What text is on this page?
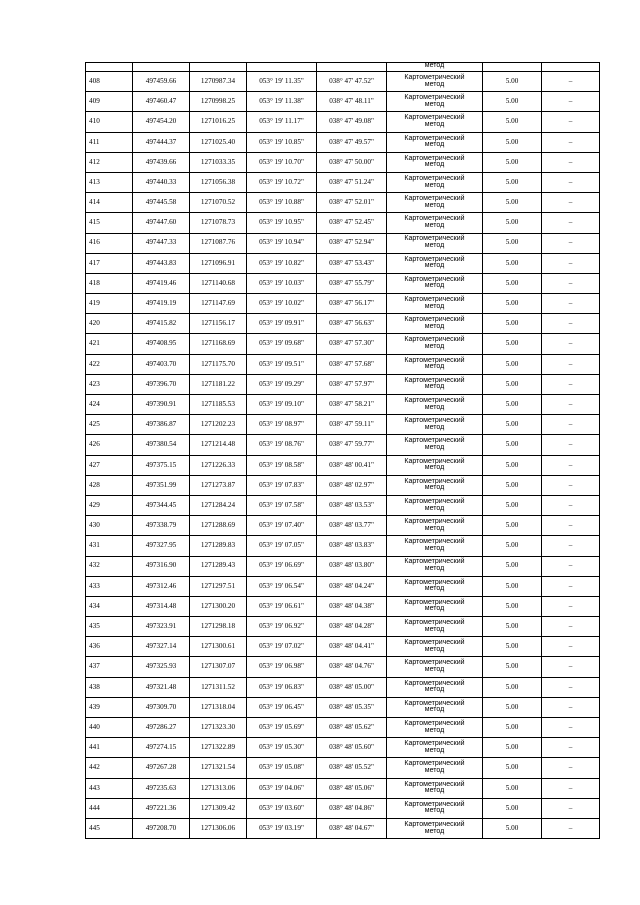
					метод		
408	497459.66	1270987.34	053° 19' 11.35"	038° 47' 47.52"	Картометрический
метод	5.00	–
409	497460.47	1270998.25	053° 19' 11.38"	038° 47' 48.11"	Картометрический
метод	5.00	–
410	497454.20	1271016.25	053° 19' 11.17"	038° 47' 49.08"	Картометрический
метод	5.00	–
411	497444.37	1271025.40	053° 19' 10.85"	038° 47' 49.57"	Картометрический
метод	5.00	–
412	497439.66	1271033.35	053° 19' 10.70"	038° 47' 50.00"	Картометрический
метод	5.00	–
413	497440.33	1271056.38	053° 19' 10.72"	038° 47' 51.24"	Картометрический
метод	5.00	–
414	497445.58	1271070.52	053° 19' 10.88"	038° 47' 52.01"	Картометрический
метод	5.00	–
415	497447.60	1271078.73	053° 19' 10.95"	038° 47' 52.45"	Картометрический
метод	5.00	–
416	497447.33	1271087.76	053° 19' 10.94"	038° 47' 52.94"	Картометрический
метод	5.00	–
417	497443.83	1271096.91	053° 19' 10.82"	038° 47' 53.43"	Картометрический
метод	5.00	–
418	497419.46	1271140.68	053° 19' 10.03"	038° 47' 55.79"	Картометрический
метод	5.00	–
419	497419.19	1271147.69	053° 19' 10.02"	038° 47' 56.17"	Картометрический
метод	5.00	–
420	497415.82	1271156.17	053° 19' 09.91"	038° 47' 56.63"	Картометрический
метод	5.00	–
421	497408.95	1271168.69	053° 19' 09.68"	038° 47' 57.30"	Картометрический
метод	5.00	–
422	497403.70	1271175.70	053° 19' 09.51"	038° 47' 57.68"	Картометрический
метод	5.00	–
423	497396.70	1271181.22	053° 19' 09.29"	038° 47' 57.97"	Картометрический
метод	5.00	–
424	497390.91	1271185.53	053° 19' 09.10"	038° 47' 58.21"	Картометрический
метод	5.00	–
425	497386.87	1271202.23	053° 19' 08.97"	038° 47' 59.11"	Картометрический
метод	5.00	–
426	497380.54	1271214.48	053° 19' 08.76"	038° 47' 59.77"	Картометрический
метод	5.00	–
427	497375.15	1271226.33	053° 19' 08.58"	038° 48' 00.41"	Картометрический
метод	5.00	–
428	497351.99	1271273.87	053° 19' 07.83"	038° 48' 02.97"	Картометрический
метод	5.00	–
429	497344.45	1271284.24	053° 19' 07.58"	038° 48' 03.53"	Картометрический
метод	5.00	–
430	497338.79	1271288.69	053° 19' 07.40"	038° 48' 03.77"	Картометрический
метод	5.00	–
431	497327.95	1271289.83	053° 19' 07.05"	038° 48' 03.83"	Картометрический
метод	5.00	–
432	497316.90	1271289.43	053° 19' 06.69"	038° 48' 03.80"	Картометрический
метод	5.00	–
433	497312.46	1271297.51	053° 19' 06.54"	038° 48' 04.24"	Картометрический
метод	5.00	–
434	497314.48	1271300.20	053° 19' 06.61"	038° 48' 04.38"	Картометрический
метод	5.00	–
435	497323.91	1271298.18	053° 19' 06.92"	038° 48' 04.28"	Картометрический
метод	5.00	–
436	497327.14	1271300.61	053° 19' 07.02"	038° 48' 04.41"	Картометрический
метод	5.00	–
437	497325.93	1271307.07	053° 19' 06.98"	038° 48' 04.76"	Картометрический
метод	5.00	–
438	497321.48	1271311.52	053° 19' 06.83"	038° 48' 05.00"	Картометрический
метод	5.00	–
439	497309.70	1271318.04	053° 19' 06.45"	038° 48' 05.35"	Картометрический
метод	5.00	–
440	497286.27	1271323.30	053° 19' 05.69"	038° 48' 05.62"	Картометрический
метод	5.00	–
441	497274.15	1271322.89	053° 19' 05.30"	038° 48' 05.60"	Картометрический
метод	5.00	–
442	497267.28	1271321.54	053° 19' 05.08"	038° 48' 05.52"	Картометрический
метод	5.00	–
443	497235.63	1271313.06	053° 19' 04.06"	038° 48' 05.06"	Картометрический
метод	5.00	–
444	497221.36	1271309.42	053° 19' 03.60"	038° 48' 04.86"	Картометрический
метод	5.00	–
445	497208.70	1271306.06	053° 19' 03.19"	038° 48' 04.67"	Картометрический
метод	5.00	–
